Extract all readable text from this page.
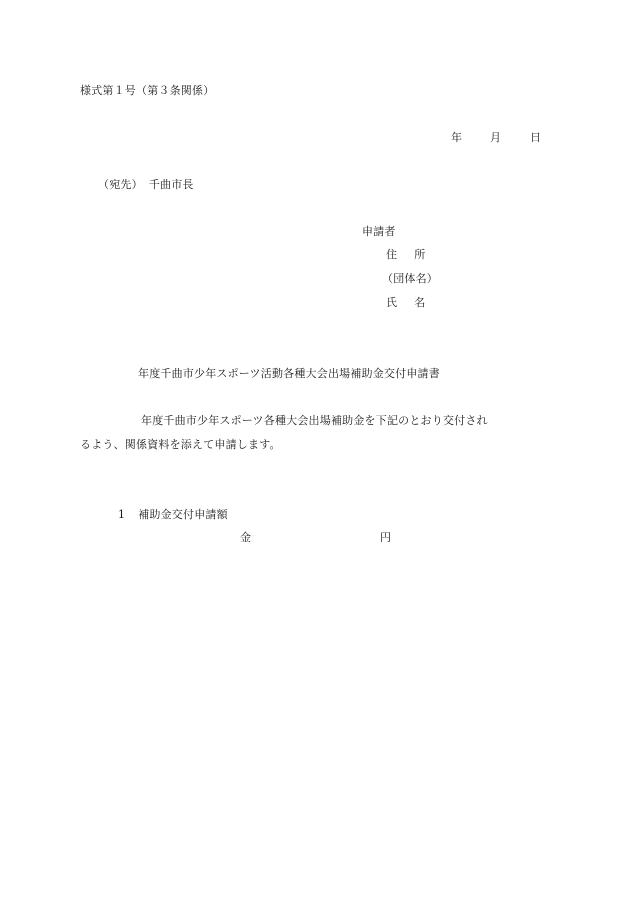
様式第１号（第３条関係）
年	月	日
（宛先） 千曲市長
申請者
住 所
（団体名）
氏 名
年度千曲市少年スポーツ活動各種大会出場補助金交付申請書
年度千曲市少年スポーツ各種大会出場補助金を下記のとおり交付され
るよう、関係資料を添えて申請します。
1 補助金交付申請額
金	円
